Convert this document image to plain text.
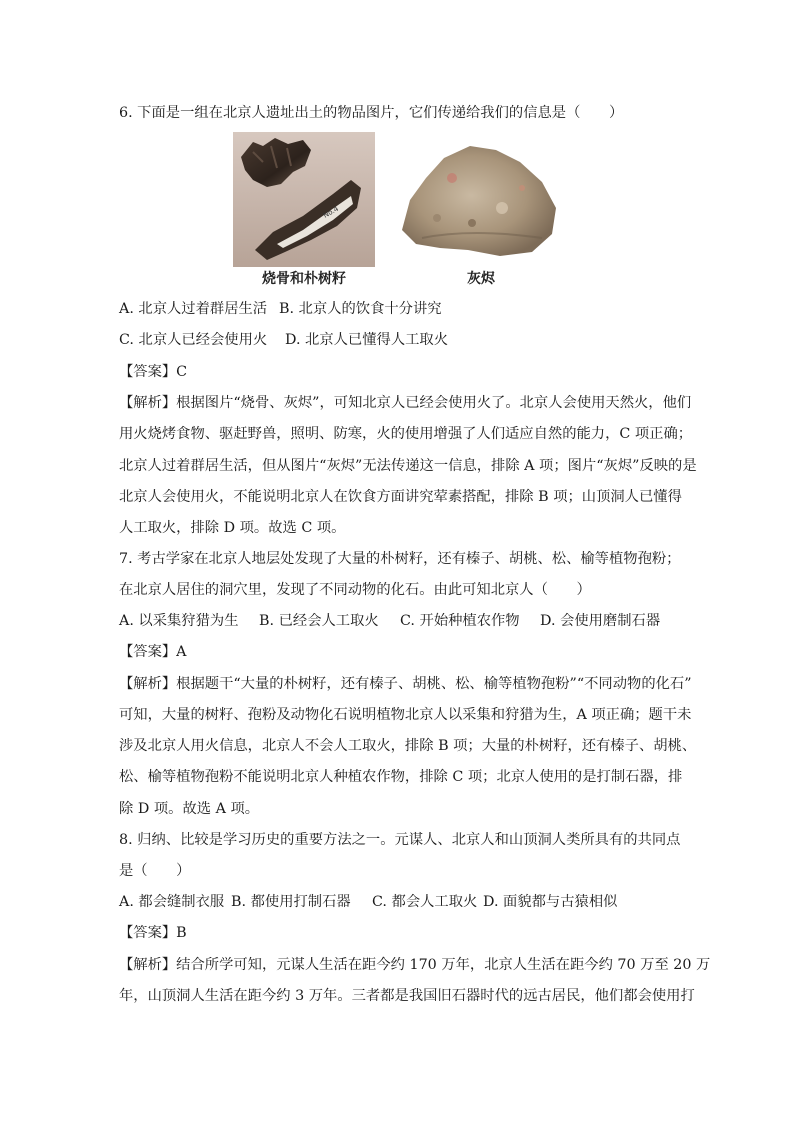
6. 下面是一组在北京人遗址出土的物品图片，它们传递给我们的信息是（　　）
No.4
烧骨和朴树籽	灰烬
A. 北京人过着群居生活 B. 北京人的饮食十分讲究
C. 北京人已经会使用火 D. 北京人已懂得人工取火
【答案】C
【解析】根据图片“烧骨、灰烬”，可知北京人已经会使用火了。北京人会使用天然火，他们
用火烧烤食物、驱赶野兽，照明、防寒，火的使用增强了人们适应自然的能力，C 项正确；
北京人过着群居生活，但从图片“灰烬”无法传递这一信息，排除 A 项；图片“灰烬”反映的是
北京人会使用火，不能说明北京人在饮食方面讲究荤素搭配，排除 B 项；山顶洞人已懂得
人工取火，排除 D 项。故选 C 项。
7. 考古学家在北京人地层处发现了大量的朴树籽，还有榛子、胡桃、松、榆等植物孢粉；
在北京人居住的洞穴里，发现了不同动物的化石。由此可知北京人（　　）
A. 以采集狩猎为生 B. 已经会人工取火 C. 开始种植农作物 D. 会使用磨制石器
【答案】A
【解析】根据题干“大量的朴树籽，还有榛子、胡桃、松、榆等植物孢粉”“不同动物的化石”
可知，大量的树籽、孢粉及动物化石说明植物北京人以采集和狩猎为生，A 项正确；题干未
涉及北京人用火信息，北京人不会人工取火，排除 B 项；大量的朴树籽，还有榛子、胡桃、
松、榆等植物孢粉不能说明北京人种植农作物，排除 C 项；北京人使用的是打制石器，排
除 D 项。故选 A 项。
8. 归纳、比较是学习历史的重要方法之一。元谋人、北京人和山顶洞人类所具有的共同点
是（　　）
A. 都会缝制衣服 B. 都使用打制石器 C. 都会人工取火 D. 面貌都与古猿相似
【答案】B
【解析】结合所学可知，元谋人生活在距今约 170 万年，北京人生活在距今约 70 万至 20 万
年，山顶洞人生活在距今约 3 万年。三者都是我国旧石器时代的远古居民，他们都会使用打
